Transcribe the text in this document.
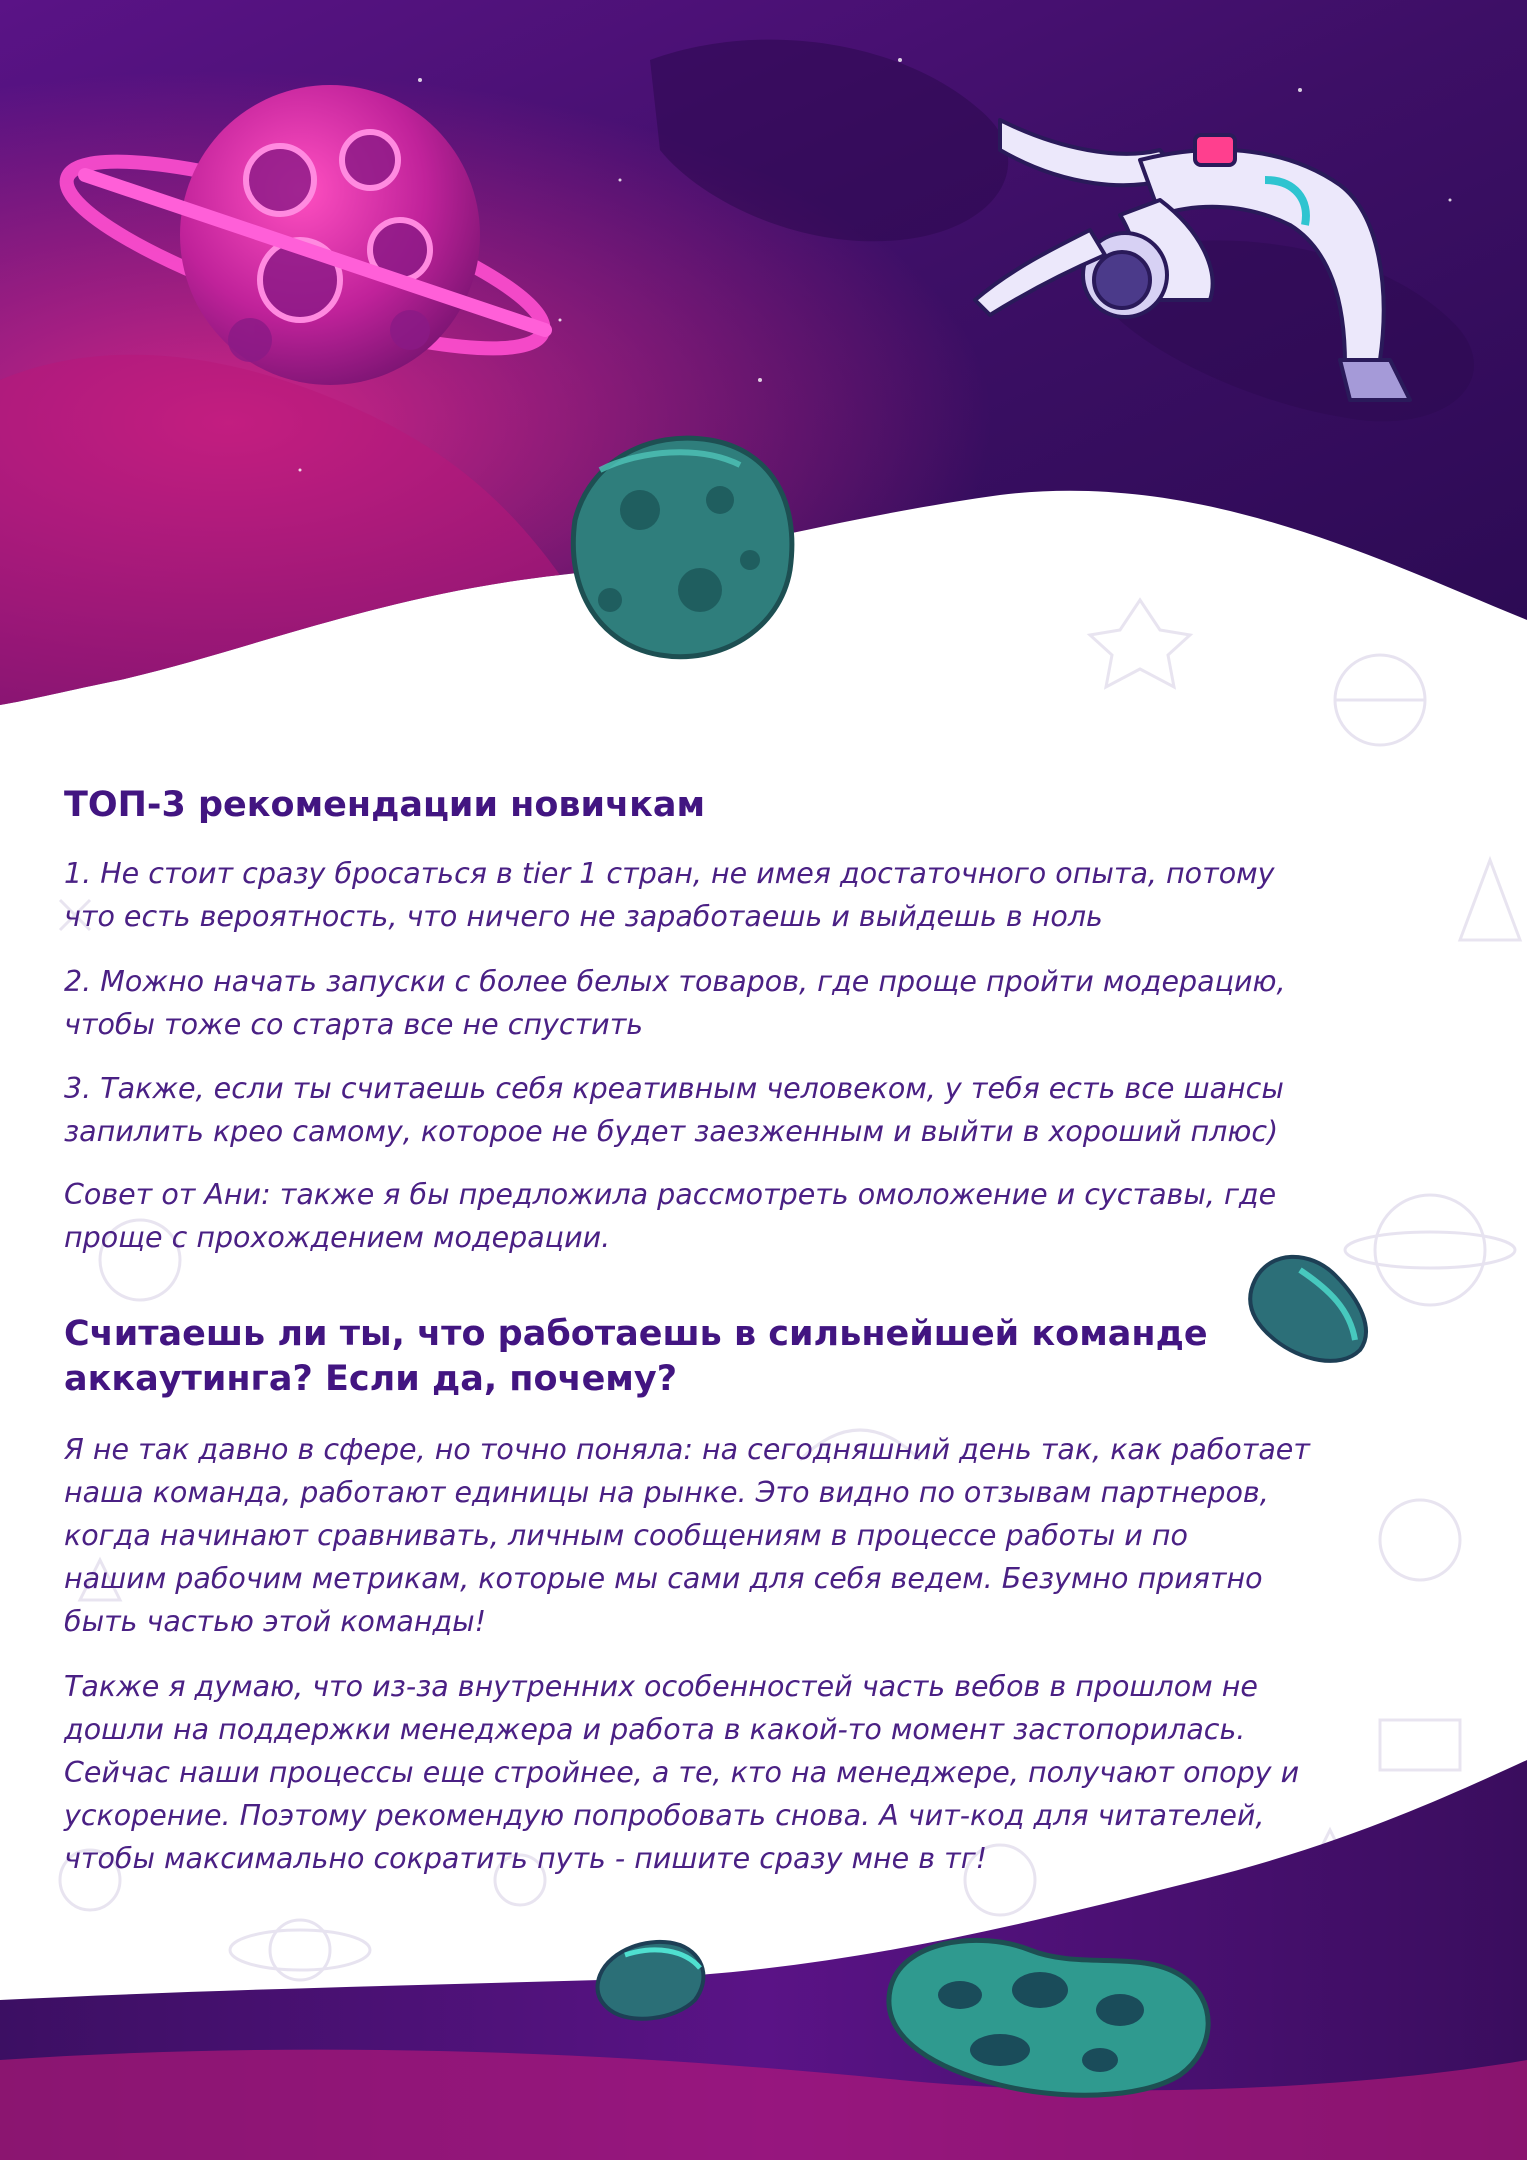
ТОП-3 рекомендации новичкам

1. Не стоит сразу бросаться в tier 1 стран, не имея достаточного опыта, потому
что есть вероятность, что ничего не заработаешь и выйдешь в ноль

2. Можно начать запуски с более белых товаров, где проще пройти модерацию,
чтобы тоже со старта все не спустить

3. Также, если ты считаешь себя креативным человеком, у тебя есть все шансы
запилить крео самому, которое не будет заезженным и выйти в хороший плюс)

Совет от Ани: также я бы предложила рассмотреть омоложение и суставы, где
проще с прохождением модерации.

Считаешь ли ты, что работаешь в сильнейшей команде
аккаутинга? Если да, почему?

Я не так давно в сфере, но точно поняла: на сегодняшний день так, как работает
наша команда, работают единицы на рынке. Это видно по отзывам партнеров,
когда начинают сравнивать, личным сообщениям в процессе работы и по
нашим рабочим метрикам, которые мы сами для себя ведем. Безумно приятно
быть частью этой команды!

Также я думаю, что из-за внутренних особенностей часть вебов в прошлом не
дошли на поддержки менеджера и работа в какой-то момент застопорилась.
Сейчас наши процессы еще стройнее, а те, кто на менеджере, получают опору и
ускорение. Поэтому рекомендую попробовать снова. А чит-код для читателей,
чтобы максимально сократить путь - пишите сразу мне в тг!
